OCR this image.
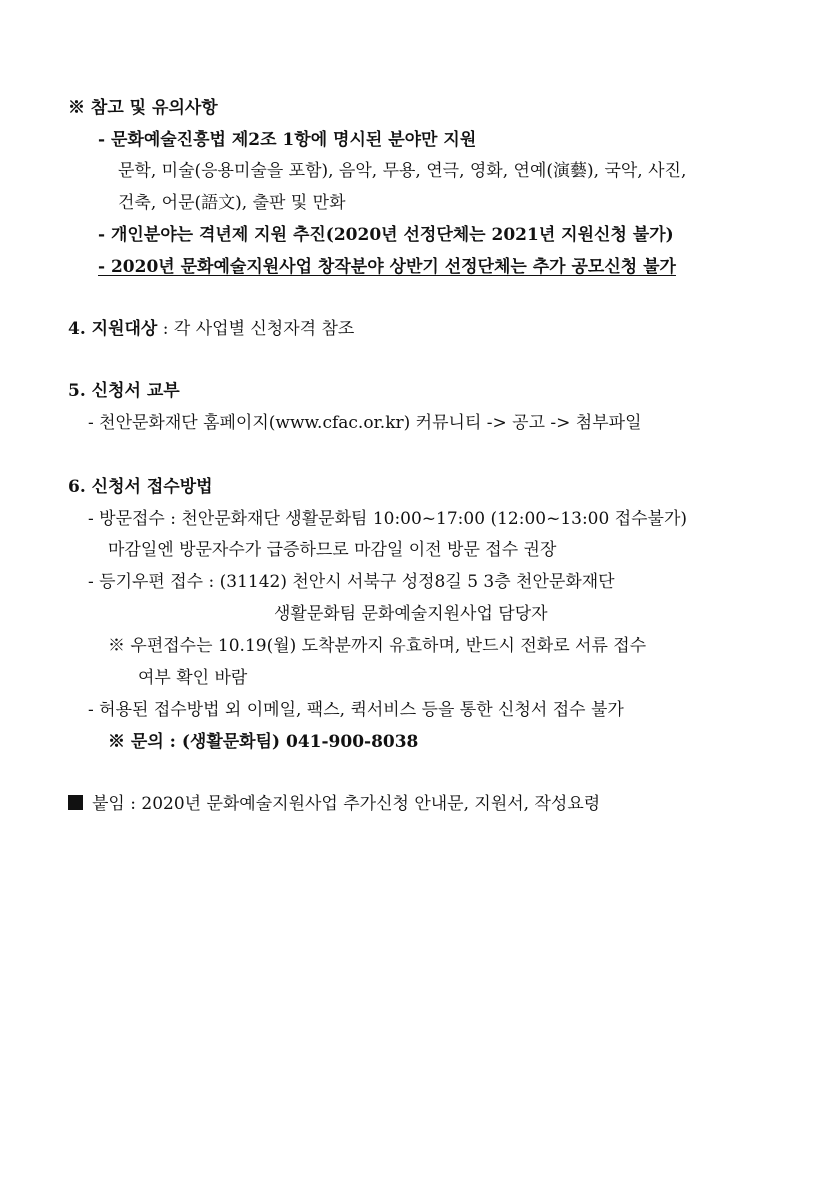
※ 참고 및 유의사항
- 문화예술진흥법 제2조 1항에 명시된 분야만 지원
문학, 미술(응용미술을 포함), 음악, 무용, 연극, 영화, 연예(演藝), 국악, 사진,
건축, 어문(語文), 출판 및 만화
- 개인분야는 격년제 지원 추진(2020년 선정단체는 2021년 지원신청 불가)
- 2020년 문화예술지원사업 창작분야 상반기 선정단체는 추가 공모신청 불가
4. 지원대상 : 각 사업별 신청자격 참조
5. 신청서 교부
- 천안문화재단 홈페이지(www.cfac.or.kr) 커뮤니티 -> 공고 -> 첨부파일
6. 신청서 접수방법
- 방문접수 : 천안문화재단 생활문화팀 10:00~17:00 (12:00~13:00 접수불가)
마감일엔 방문자수가 급증하므로 마감일 이전 방문 접수 권장
- 등기우편 접수 : (31142) 천안시 서북구 성정8길 5 3층 천안문화재단
생활문화팀 문화예술지원사업 담당자
※ 우편접수는 10.19(월) 도착분까지 유효하며, 반드시 전화로 서류 접수
여부 확인 바람
- 허용된 접수방법 외 이메일, 팩스, 퀵서비스 등을 통한 신청서 접수 불가
※ 문의 : (생활문화팀) 041-900-8038
붙임 : 2020년 문화예술지원사업 추가신청 안내문, 지원서, 작성요령
